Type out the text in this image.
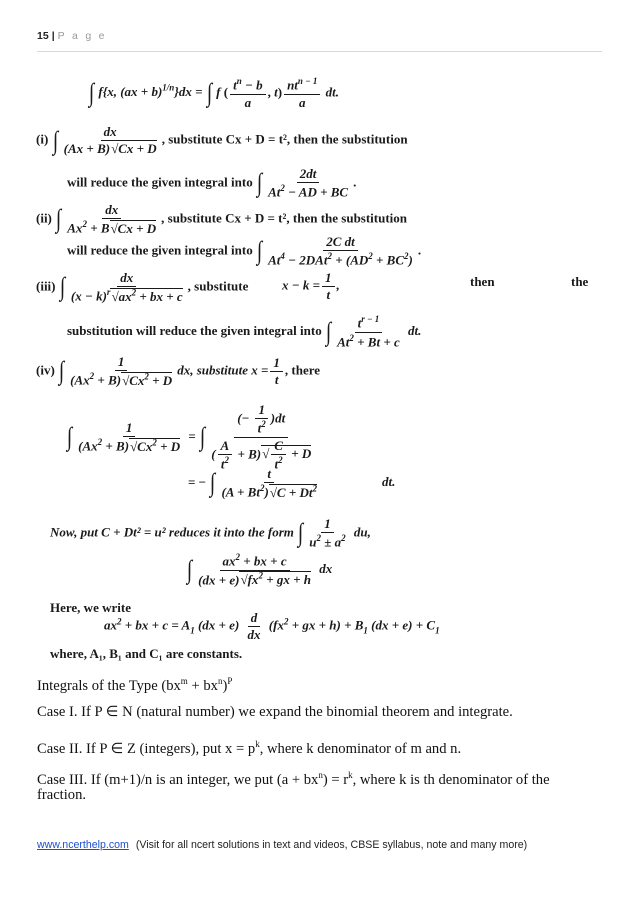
15 | P a g e
∫ f{x, (ax + b)$^{1/n}$}dx = ∫ f ( $\frac{t^n - b}{a}$ , $t) \frac{nt^{n - 1}}{a}$ dt.
(i) ∫ $\frac{dx}{(Ax + B)√Cx + D}$ , substitute Cx + D = t², then the substitution
will reduce the given integral into ∫ $\frac{2dt}{At^2 - AD + BC}$ .
(ii) ∫ $\frac{dx}{Ax^2 + B√Cx + D}$ , substitute Cx + D = t², then the substitution
will reduce the given integral into ∫ $\frac{\text{2C dt}}{At^4 - 2DAt^2 + (AD^2 + BC^2)}$ .
(iii) ∫ $\frac{dx}{(x - k)^r√ax^2 + bx + c}$ , substitute	$x - k = \frac{1}{t}$ ,	then	the
substitution will reduce the given integral into ∫ $\frac{t^{r - 1}}{At^2 + Bt + c}$ dt.
(iv) ∫ $\frac{1}{(Ax^2 + B)√Cx^2 + D}$ dx, substitute $x = \frac{1}{t}$ , there
∫ $\frac{1}{(Ax^2 + B)√Cx^2 + D}$ = ∫ $\frac{(- \frac{1}{t^2} )dt}{( \frac{A}{t^2} + B)√ \frac{C}{t^2} + D}$
= − ∫ $\frac{t}{(A + Bt^2)√C + Dt^2}$	dt.
Now, put C + Dt² = u² reduces it into the form ∫ $\frac{1}{u^2 \pm a^2}$ du,
∫ $\frac{ax^2 + bx + c}{(dx + e)√fx^2 + gx + h}$ dx
Here, we write
$ax^2$ + bx + $c = A_1$ $(dx + e) \frac{d}{dx} (fx^2$ + gx + $h) + B_1$ $(dx + e) + C_1$
where, A₁, B₁ and C₁ are constants.
Integrals of the Type $(bx^m + bx^n)^P$
Case I. If P ∈ N (natural number) we expand the binomial theorem and integrate.
Case II. If P ∈ Z (integers), put $x = p^k$, where k denominator of m and n.
Case III. If (m+1)/n is an integer, we put $(a + bx^n) = r^k$, where k is th denominator of the
fraction.
www.ncerthelp.com (Visit for all ncert solutions in text and videos, CBSE syllabus, note and many more)
